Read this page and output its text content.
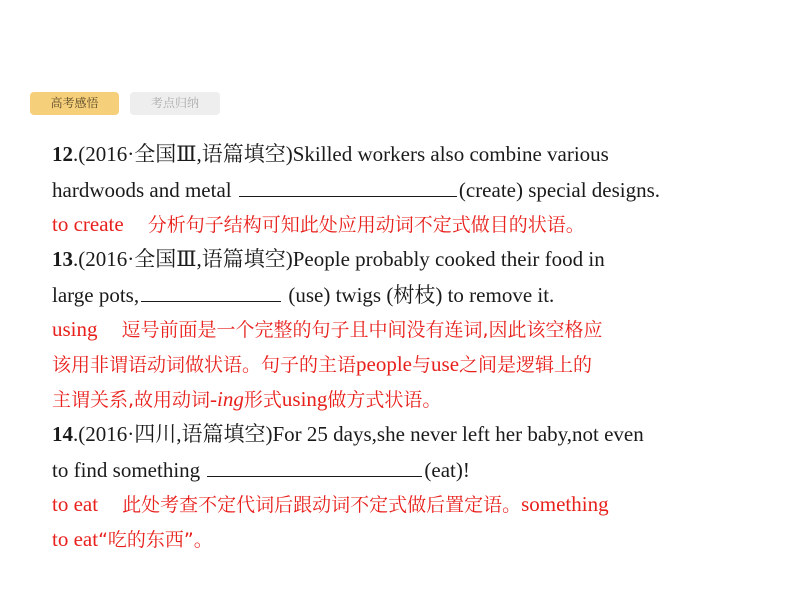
高考感悟	考点归纳
12.(2016·全国Ⅲ,语篇填空)Skilled workers also combine various
hardwoods and metal	(create) special designs.
to create 分析句子结构可知此处应用动词不定式做目的状语。
13.(2016·全国Ⅲ,语篇填空)People probably cooked their food in
large pots,	(use) twigs (树枝) to remove it.
using 逗号前面是一个完整的句子且中间没有连词,因此该空格应
该用非谓语动词做状语。句子的主语people与use之间是逻辑上的
主谓关系,故用动词-ing形式using做方式状语。
14.(2016·四川,语篇填空)For 25 days,she never left her baby,not even
to find something	(eat)!
to eat 此处考查不定代词后跟动词不定式做后置定语。something
to eat“吃的东西”。
